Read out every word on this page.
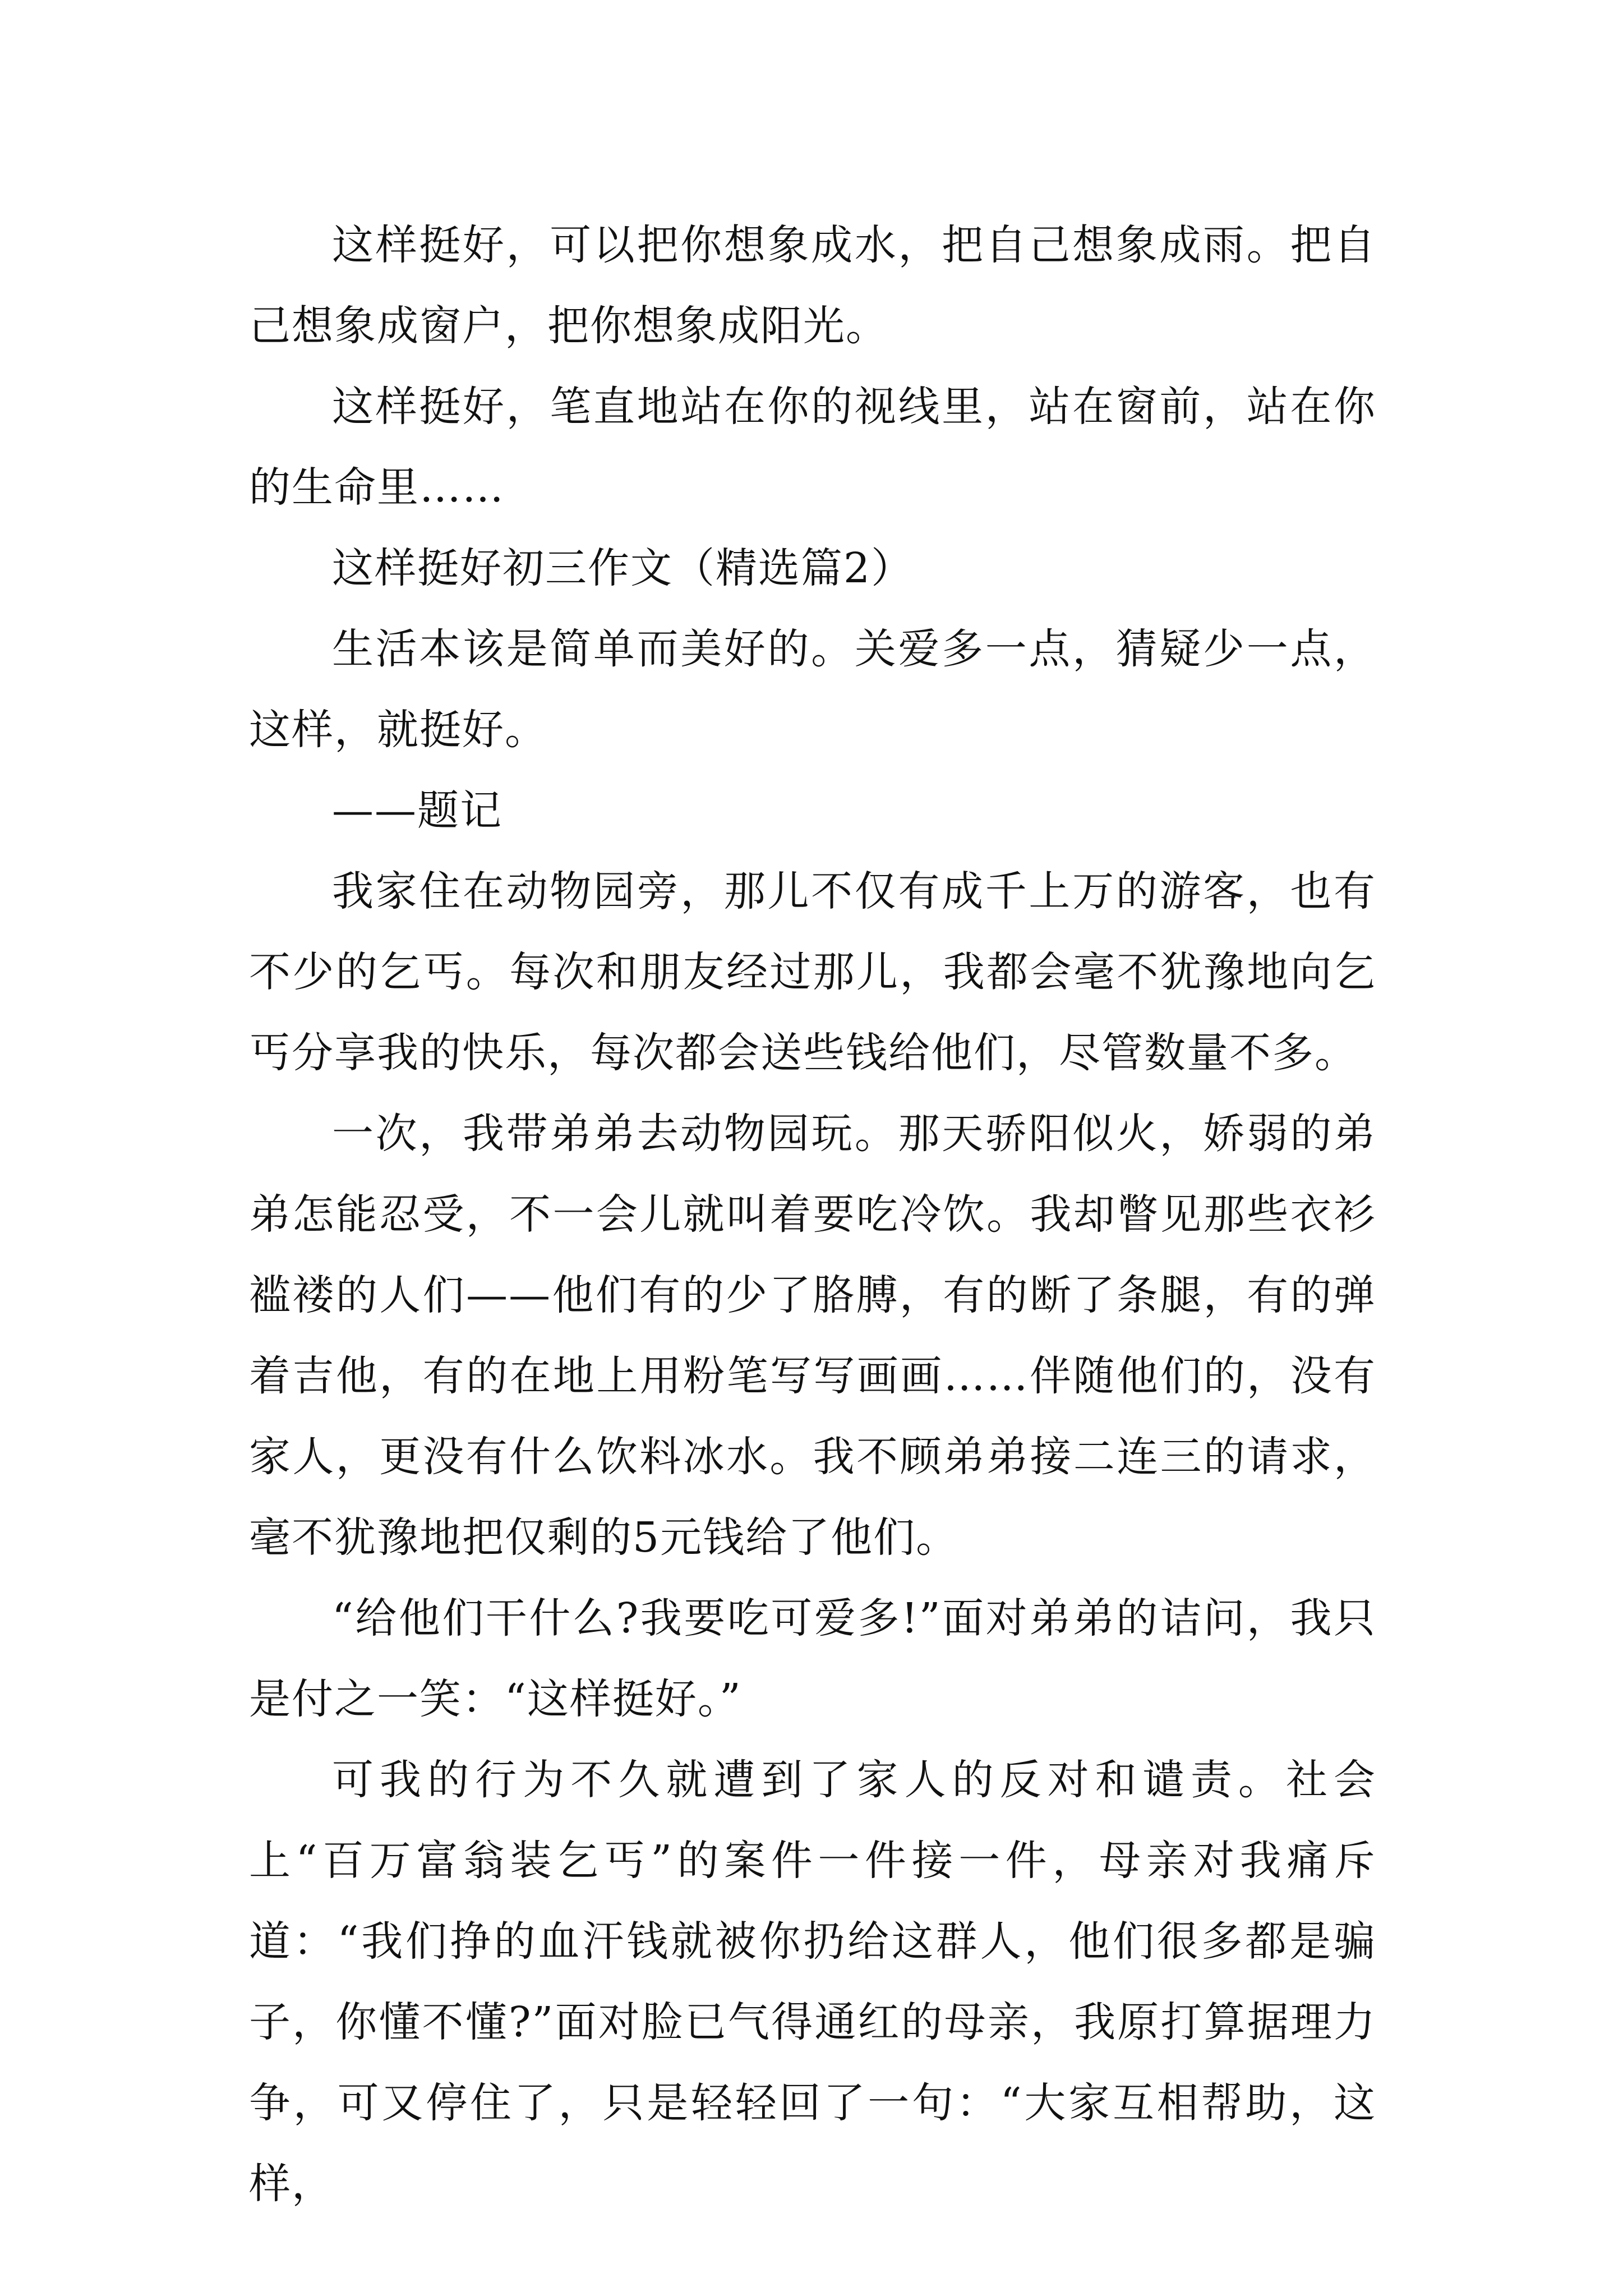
这样挺好，可以把你想象成水，把自己想象成雨。把自己想象成窗户，把你想象成阳光。

这样挺好，笔直地站在你的视线里，站在窗前，站在你的生命里……

这样挺好初三作文（精选篇2）

生活本该是简单而美好的。关爱多一点，猜疑少一点，这样，就挺好。

——题记

我家住在动物园旁，那儿不仅有成千上万的游客，也有不少的乞丐。每次和朋友经过那儿，我都会毫不犹豫地向乞丐分享我的快乐，每次都会送些钱给他们，尽管数量不多。

一次，我带弟弟去动物园玩。那天骄阳似火，娇弱的弟弟怎能忍受，不一会儿就叫着要吃冷饮。我却瞥见那些衣衫褴褛的人们——他们有的少了胳膊，有的断了条腿，有的弹着吉他，有的在地上用粉笔写写画画……伴随他们的，没有家人，更没有什么饮料冰水。我不顾弟弟接二连三的请求，毫不犹豫地把仅剩的5元钱给了他们。

“给他们干什么?我要吃可爱多!”面对弟弟的诘问，我只是付之一笑：“这样挺好。”

可我的行为不久就遭到了家人的反对和谴责。社会上“百万富翁装乞丐”的案件一件接一件，母亲对我痛斥道：“我们挣的血汗钱就被你扔给这群人，他们很多都是骗子，你懂不懂?”面对脸已气得通红的母亲，我原打算据理力争，可又停住了，只是轻轻回了一句：“大家互相帮助，这样，
